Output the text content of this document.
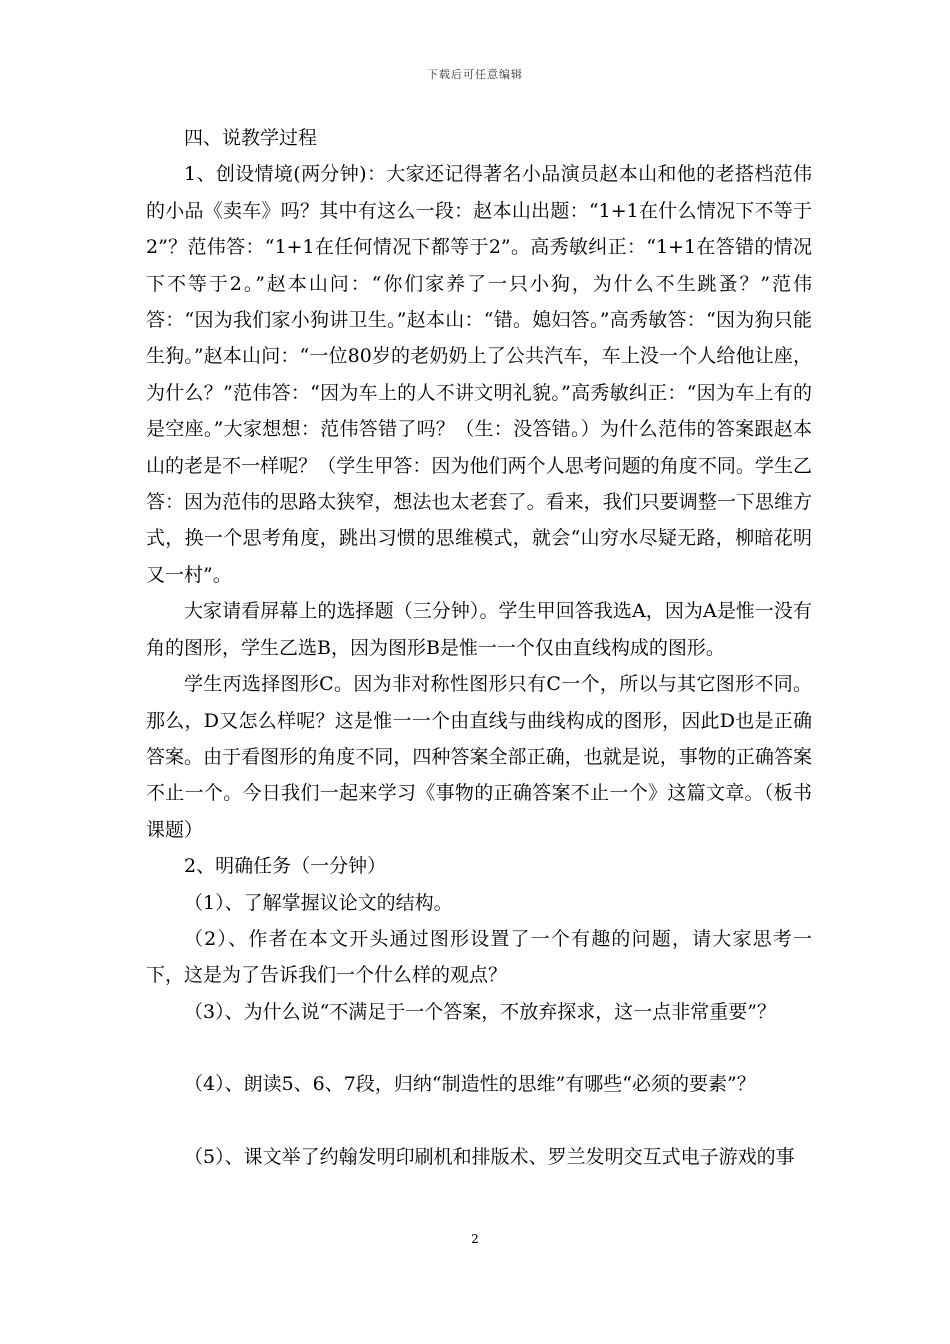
下载后可任意编辑

四、说教学过程

1、创设情境(两分钟)：大家还记得著名小品演员赵本山和他的老搭档范伟的小品《卖车》吗？其中有这么一段：赵本山出题：“1+1在什么情况下不等于2”？范伟答：“1+1在任何情况下都等于2”。高秀敏纠正：“1+1在答错的情况下不等于2。”赵本山问：“你们家养了一只小狗，为什么不生跳蚤？”范伟答：“因为我们家小狗讲卫生。”赵本山：“错。媳妇答。”高秀敏答：“因为狗只能生狗。”赵本山问：“一位80岁的老奶奶上了公共汽车，车上没一个人给他让座，为什么？”范伟答：“因为车上的人不讲文明礼貌。”高秀敏纠正：“因为车上有的是空座。”大家想想：范伟答错了吗？（生：没答错。）为什么范伟的答案跟赵本山的老是不一样呢？（学生甲答：因为他们两个人思考问题的角度不同。学生乙答：因为范伟的思路太狭窄，想法也太老套了。看来，我们只要调整一下思维方式，换一个思考角度，跳出习惯的思维模式，就会“山穷水尽疑无路，柳暗花明又一村”。

大家请看屏幕上的选择题（三分钟）。学生甲回答我选A，因为A是惟一没有角的图形，学生乙选B，因为图形B是惟一一个仅由直线构成的图形。

学生丙选择图形C。因为非对称性图形只有C一个，所以与其它图形不同。那么，D又怎么样呢？这是惟一一个由直线与曲线构成的图形，因此D也是正确答案。由于看图形的角度不同，四种答案全部正确，也就是说，事物的正确答案不止一个。今日我们一起来学习《事物的正确答案不止一个》这篇文章。（板书课题）

2、明确任务（一分钟）

（1）、了解掌握议论文的结构。

（2）、作者在本文开头通过图形设置了一个有趣的问题，请大家思考一下，这是为了告诉我们一个什么样的观点？

（3）、为什么说“不满足于一个答案，不放弃探求，这一点非常重要”？

（4）、朗读5、6、7段，归纳“制造性的思维”有哪些“必须的要素”？

（5）、课文举了约翰发明印刷机和排版术、罗兰发明交互式电子游戏的事

2
